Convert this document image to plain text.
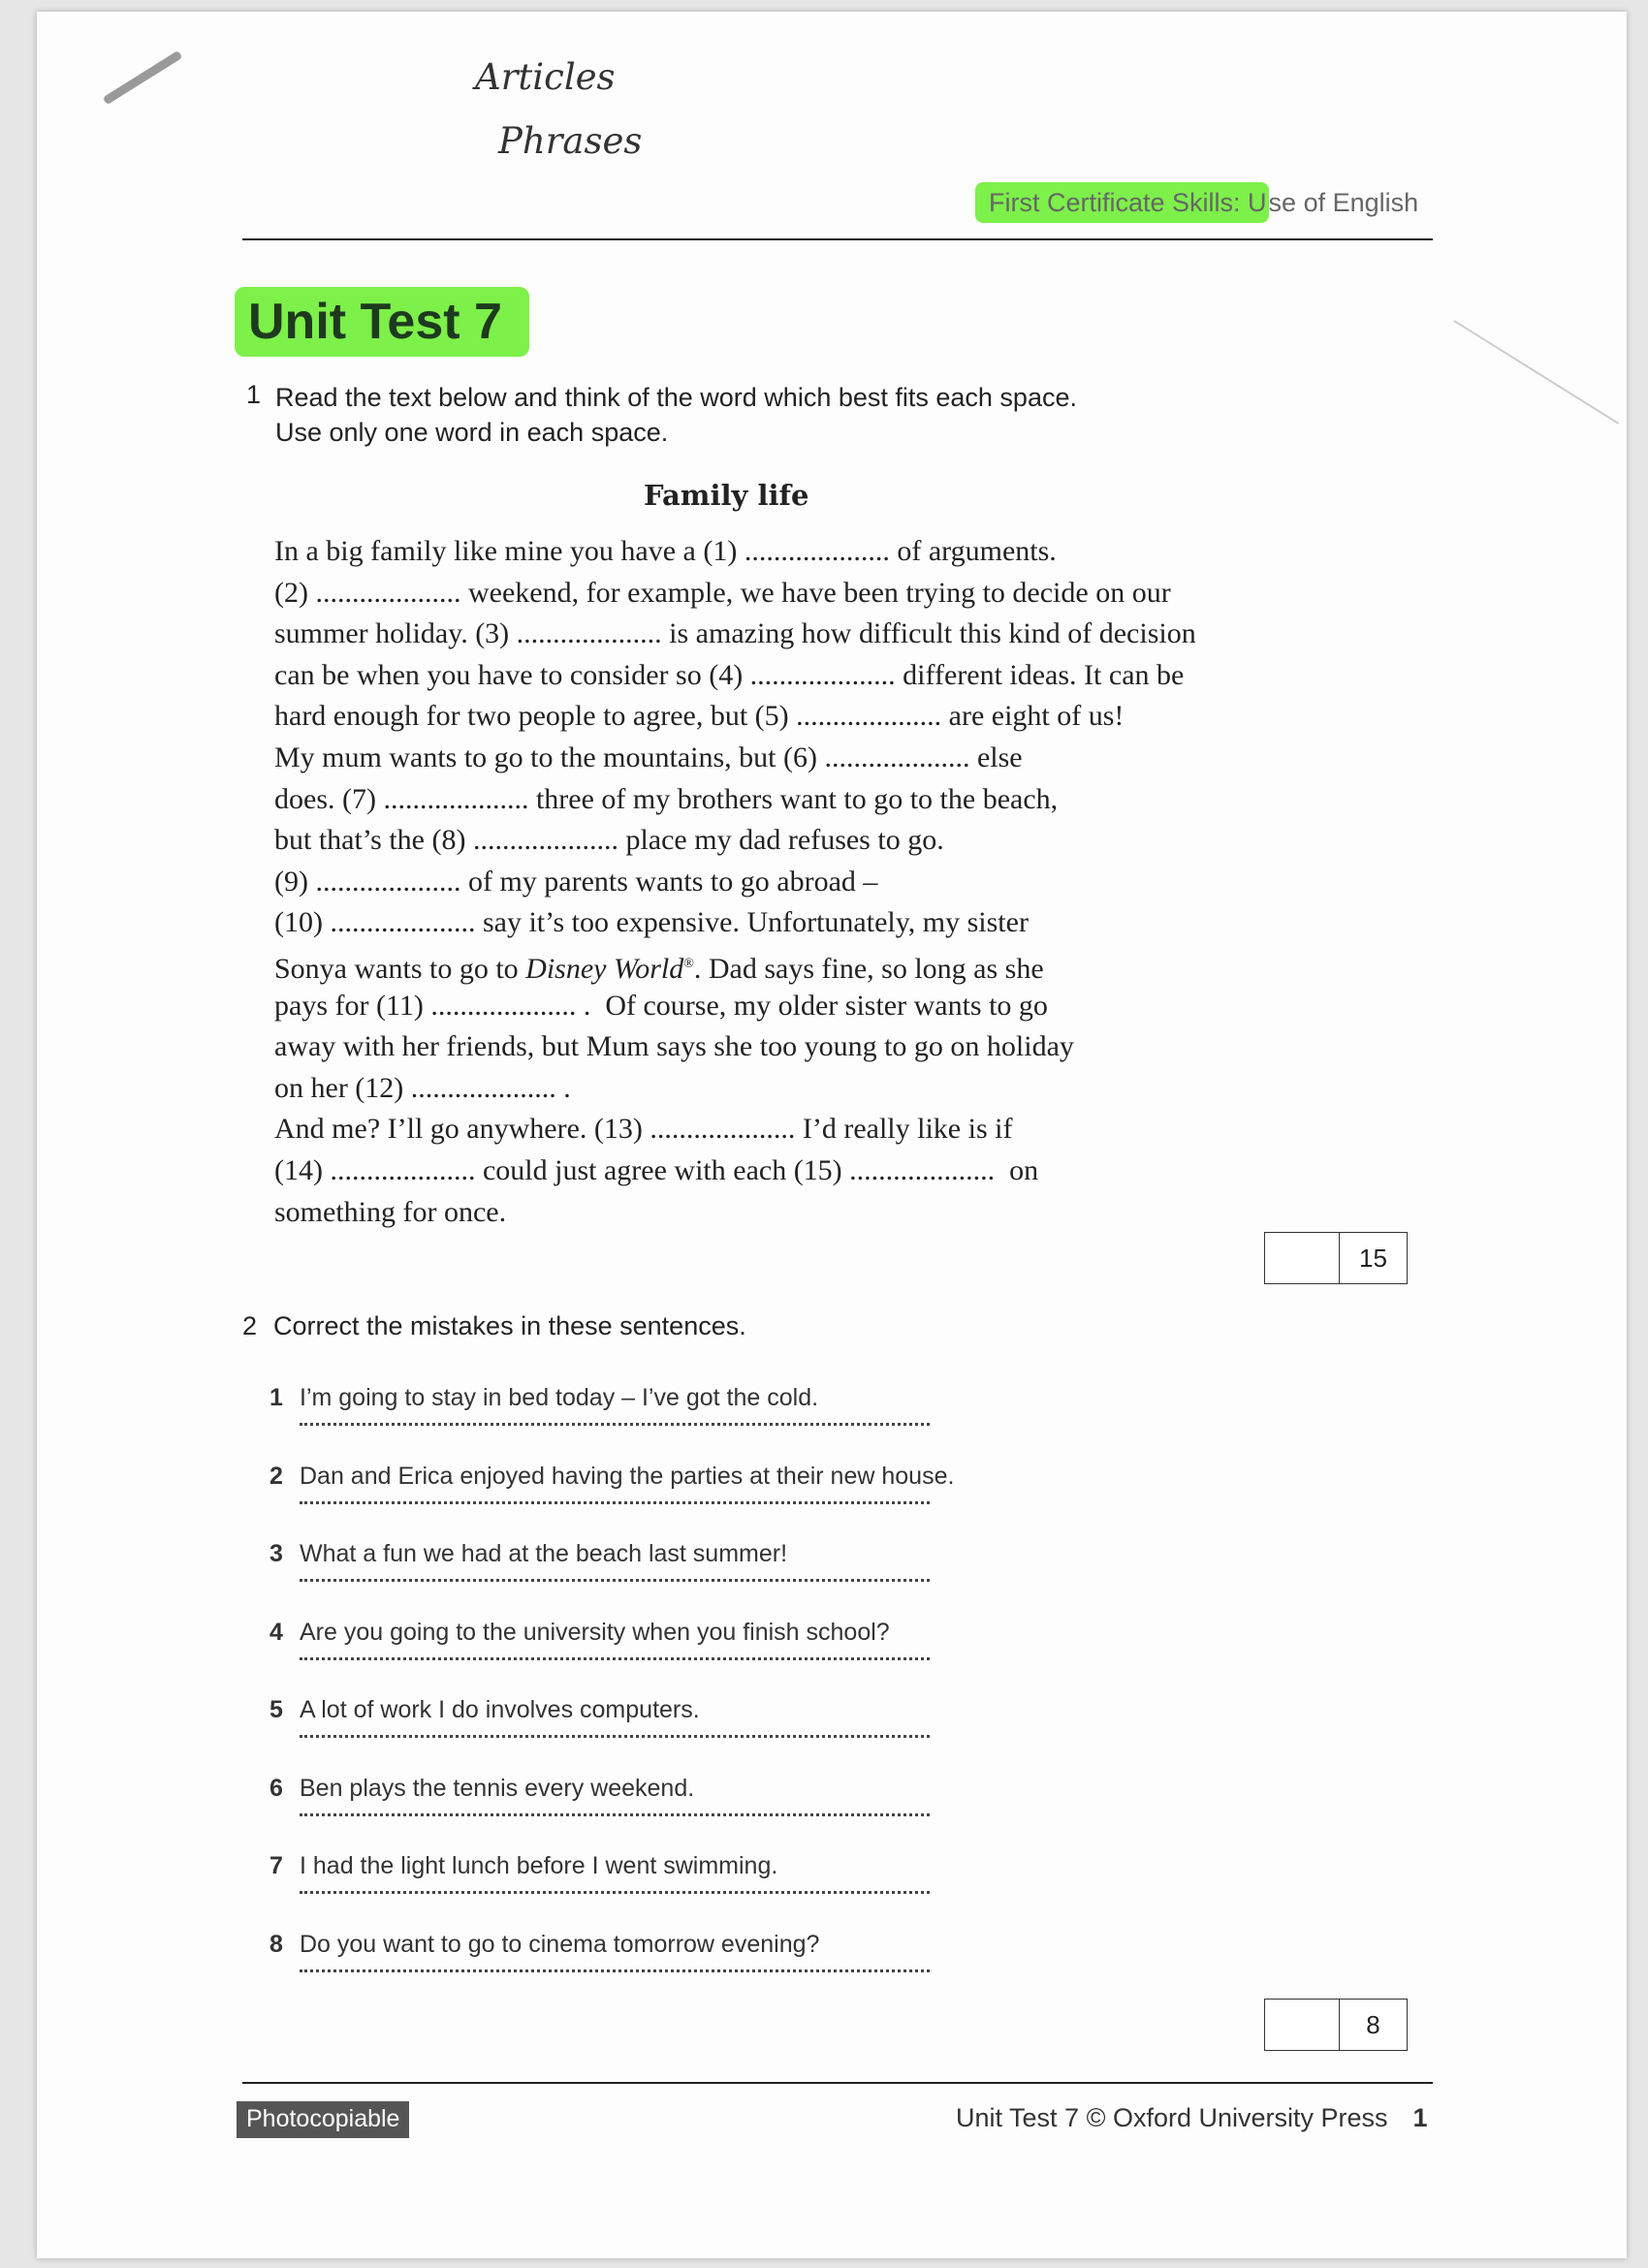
Articles
Phrases
First Certificate Skills: Use of English
Unit Test 7
1 Read the text below and think of the word which best fits each space.
Use only one word in each space.
Family life
In a big family like mine you have a (1) .................... of arguments.
(2) .................... weekend, for example, we have been trying to decide on our
summer holiday. (3) .................... is amazing how difficult this kind of decision
can be when you have to consider so (4) .................... different ideas. It can be
hard enough for two people to agree, but (5) .................... are eight of us!
My mum wants to go to the mountains, but (6) .................... else
does. (7) .................... three of my brothers want to go to the beach,
but that’s the (8) .................... place my dad refuses to go.
(9) .................... of my parents wants to go abroad –
(10) .................... say it’s too expensive. Unfortunately, my sister
Sonya wants to go to Disney World®. Dad says fine, so long as she
pays for (11) .................... .  Of course, my older sister wants to go
away with her friends, but Mum says she too young to go on holiday
on her (12) .................... .
And me? I’ll go anywhere. (13) .................... I’d really like is if
(14) .................... could just agree with each (15) ....................  on
something for once.
15
2 Correct the mistakes in these sentences.
1 I’m going to stay in bed today – I’ve got the cold.
2 Dan and Erica enjoyed having the parties at their new house.
3 What a fun we had at the beach last summer!
4 Are you going to the university when you finish school?
5 A lot of work I do involves computers.
6 Ben plays the tennis every weekend.
7 I had the light lunch before I went swimming.
8 Do you want to go to cinema tomorrow evening?
8
Photocopiable	Unit Test 7 © Oxford University Press 1
